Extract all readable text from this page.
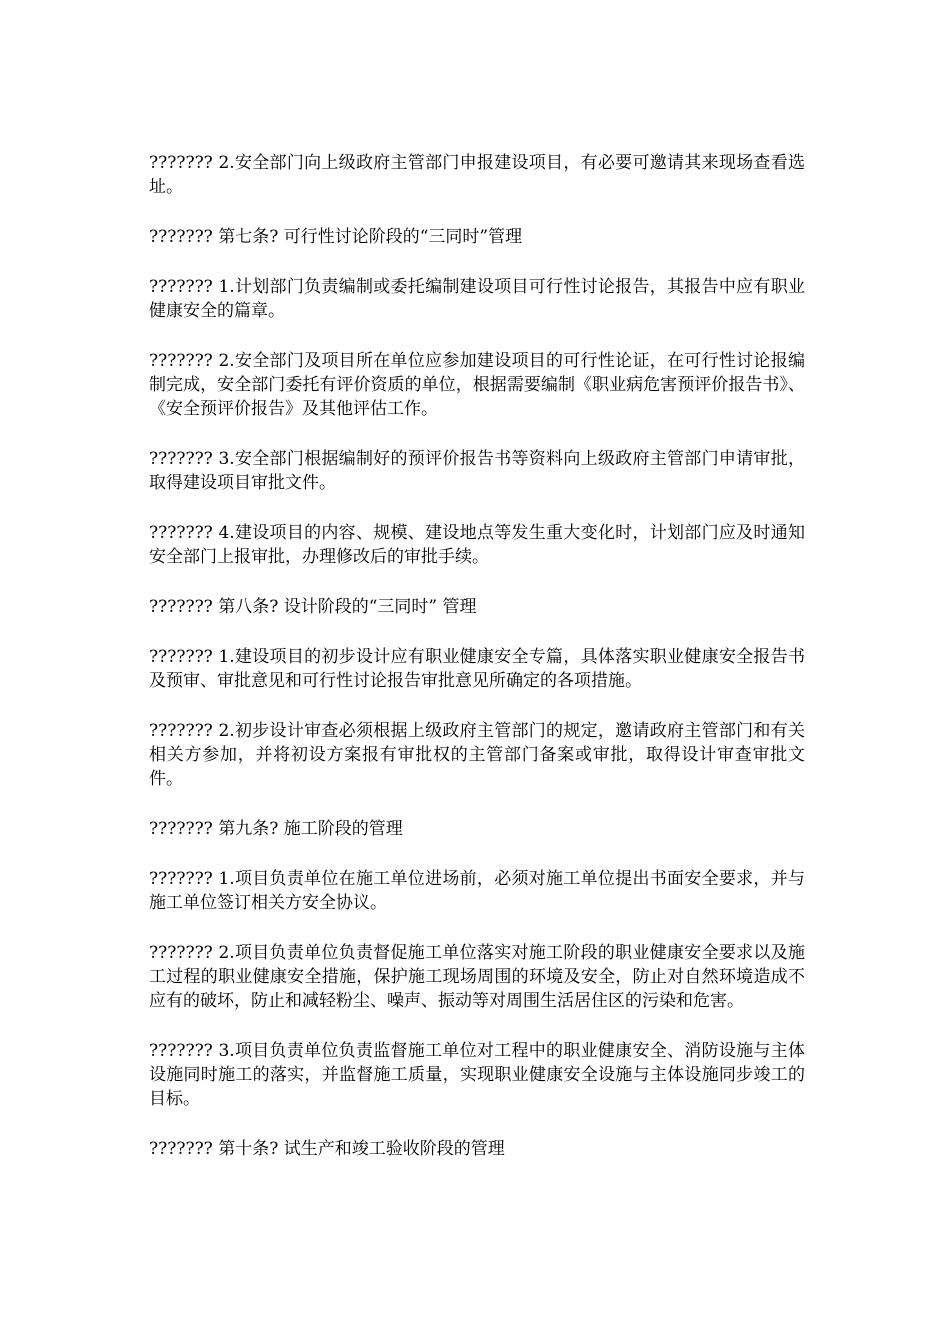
??????? 2.安全部门向上级政府主管部门申报建设项目，有必要可邀请其来现场查看选址。

??????? 第七条? 可行性讨论阶段的“三同时”管理

??????? 1.计划部门负责编制或委托编制建设项目可行性讨论报告，其报告中应有职业健康安全的篇章。

??????? 2.安全部门及项目所在单位应参加建设项目的可行性论证，在可行性讨论报编制完成，安全部门委托有评价资质的单位，根据需要编制《职业病危害预评价报告书》、《安全预评价报告》及其他评估工作。

??????? 3.安全部门根据编制好的预评价报告书等资料向上级政府主管部门申请审批，取得建设项目审批文件。

??????? 4.建设项目的内容、规模、建设地点等发生重大变化时，计划部门应及时通知安全部门上报审批，办理修改后的审批手续。

??????? 第八条? 设计阶段的“三同时” 管理

??????? 1.建设项目的初步设计应有职业健康安全专篇，具体落实职业健康安全报告书及预审、审批意见和可行性讨论报告审批意见所确定的各项措施。

??????? 2.初步设计审查必须根据上级政府主管部门的规定，邀请政府主管部门和有关相关方参加，并将初设方案报有审批权的主管部门备案或审批，取得设计审查审批文件。

??????? 第九条? 施工阶段的管理

??????? 1.项目负责单位在施工单位进场前，必须对施工单位提出书面安全要求，并与施工单位签订相关方安全协议。

??????? 2.项目负责单位负责督促施工单位落实对施工阶段的职业健康安全要求以及施工过程的职业健康安全措施，保护施工现场周围的环境及安全，防止对自然环境造成不应有的破坏，防止和减轻粉尘、噪声、振动等对周围生活居住区的污染和危害。

??????? 3.项目负责单位负责监督施工单位对工程中的职业健康安全、消防设施与主体设施同时施工的落实，并监督施工质量，实现职业健康安全设施与主体设施同步竣工的目标。

??????? 第十条? 试生产和竣工验收阶段的管理
